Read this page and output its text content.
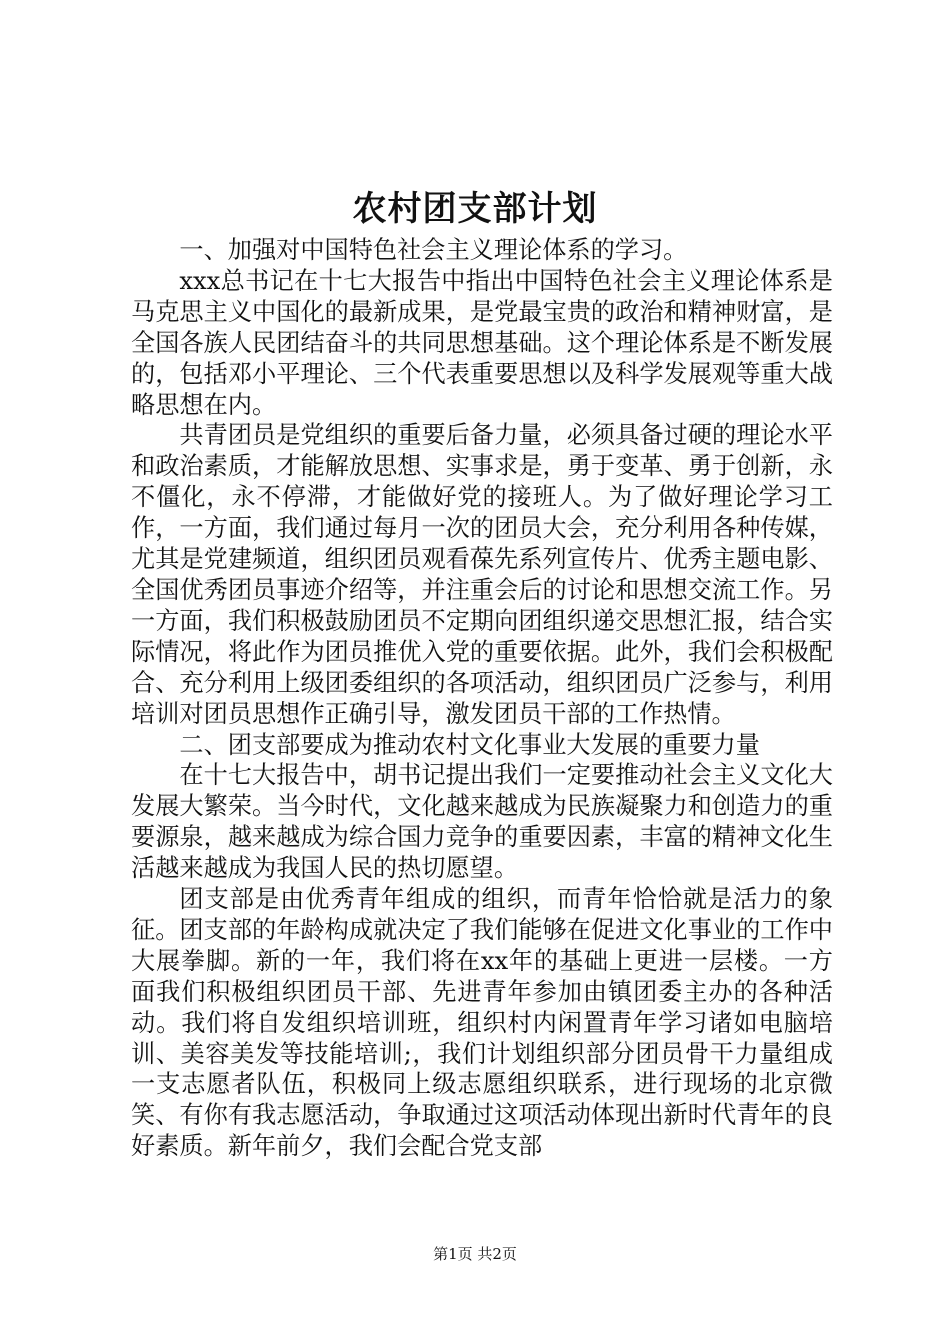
农村团支部计划

一、加强对中国特色社会主义理论体系的学习。

xxx总书记在十七大报告中指出中国特色社会主义理论体系是马克思主义中国化的最新成果，是党最宝贵的政治和精神财富，是全国各族人民团结奋斗的共同思想基础。这个理论体系是不断发展的，包括邓小平理论、三个代表重要思想以及科学发展观等重大战略思想在内。

共青团员是党组织的重要后备力量，必须具备过硬的理论水平和政治素质，才能解放思想、实事求是，勇于变革、勇于创新，永不僵化，永不停滞，才能做好党的接班人。为了做好理论学习工作，一方面，我们通过每月一次的团员大会，充分利用各种传媒，尤其是党建频道，组织团员观看葆先系列宣传片、优秀主题电影、全国优秀团员事迹介绍等，并注重会后的讨论和思想交流工作。另一方面，我们积极鼓励团员不定期向团组织递交思想汇报，结合实际情况，将此作为团员推优入党的重要依据。此外，我们会积极配合、充分利用上级团委组织的各项活动，组织团员广泛参与，利用培训对团员思想作正确引导，激发团员干部的工作热情。

二、团支部要成为推动农村文化事业大发展的重要力量

在十七大报告中，胡书记提出我们一定要推动社会主义文化大发展大繁荣。当今时代，文化越来越成为民族凝聚力和创造力的重要源泉，越来越成为综合国力竞争的重要因素，丰富的精神文化生活越来越成为我国人民的热切愿望。

团支部是由优秀青年组成的组织，而青年恰恰就是活力的象征。团支部的年龄构成就决定了我们能够在促进文化事业的工作中大展拳脚。新的一年，我们将在xx年的基础上更进一层楼。一方面我们积极组织团员干部、先进青年参加由镇团委主办的各种活动。我们将自发组织培训班，组织村内闲置青年学习诸如电脑培训、美容美发等技能培训;，我们计划组织部分团员骨干力量组成一支志愿者队伍，积极同上级志愿组织联系，进行现场的北京微笑、有你有我志愿活动，争取通过这项活动体现出新时代青年的良好素质。新年前夕，我们会配合党支部

第1页 共2页
